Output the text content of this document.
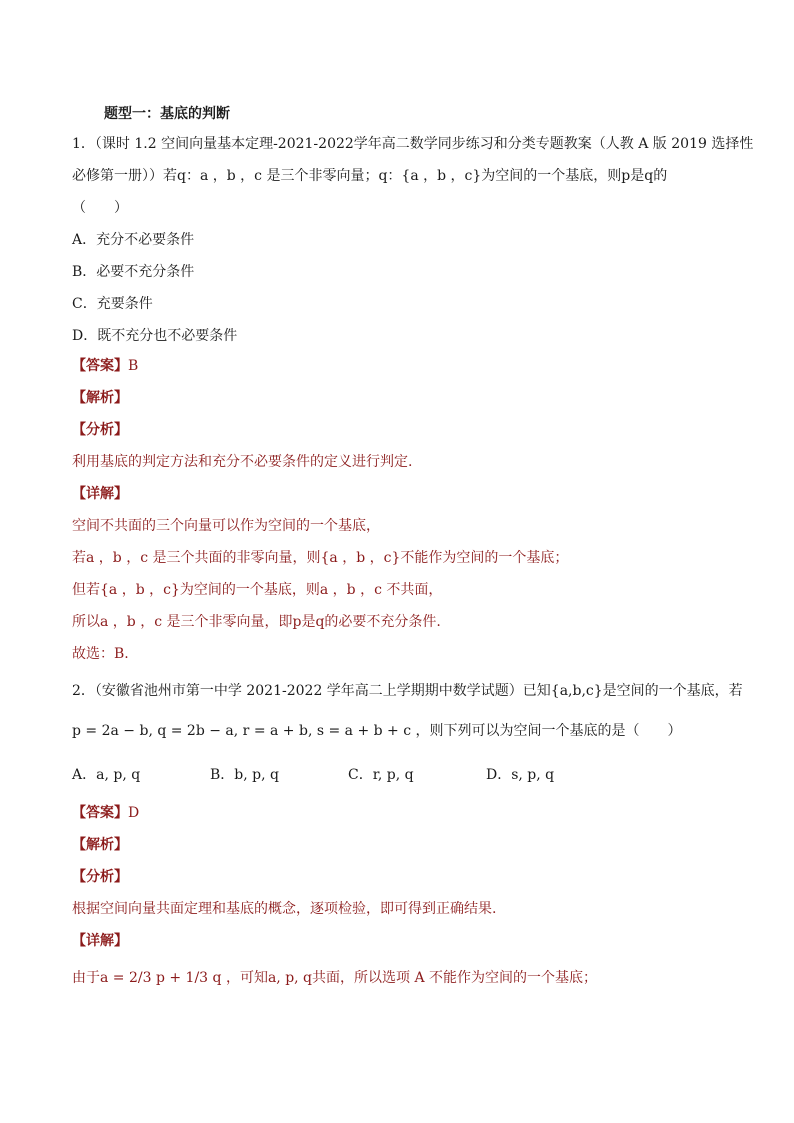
题型一：基底的判断
1．（课时 1.2 空间向量基本定理-2021-2022学年高二数学同步练习和分类专题教案（人教 A 版 2019 选择性
必修第一册））若q：a ，b ，c 是三个非零向量；q：{a ，b ，c}为空间的一个基底，则p是q的
（　　）
A．充分不必要条件
B．必要不充分条件
C．充要条件
D．既不充分也不必要条件
【答案】B
【解析】
【分析】
利用基底的判定方法和充分不必要条件的定义进行判定.
【详解】
空间不共面的三个向量可以作为空间的一个基底，
若a ，b ，c 是三个共面的非零向量，则{a ，b ，c}不能作为空间的一个基底；
但若{a ，b ，c}为空间的一个基底，则a ，b ，c 不共面，
所以a ，b ，c 是三个非零向量，即p是q的必要不充分条件.
故选：B.
2．（安徽省池州市第一中学 2021-2022 学年高二上学期期中数学试题）已知{a,b,c}是空间的一个基底，若
p = 2a − b, q = 2b − a, r = a + b, s = a + b + c ，则下列可以为空间一个基底的是（　　）
A．a, p, q	B．b, p, q	C．r, p, q	D．s, p, q
【答案】D
【解析】
【分析】
根据空间向量共面定理和基底的概念，逐项检验，即可得到正确结果.
【详解】
由于a = 2/3 p + 1/3 q ，可知a, p, q共面，所以选项 A 不能作为空间的一个基底；
